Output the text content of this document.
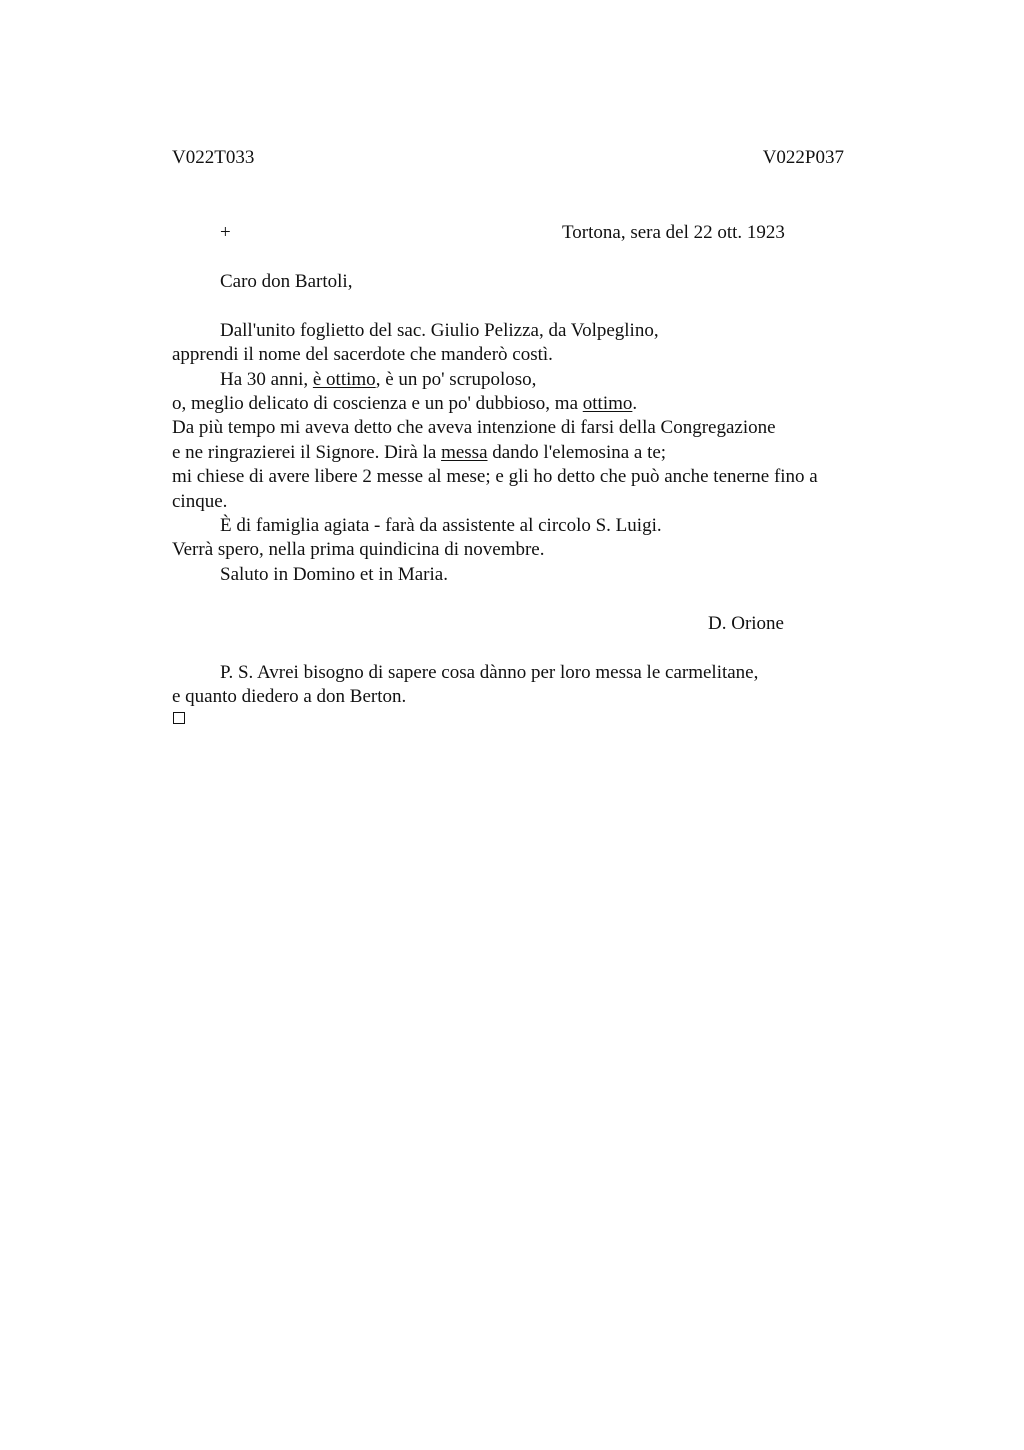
V022T033	V022P037
+	Tortona, sera del 22 ott. 1923
Caro don Bartoli,
Dall'unito foglietto del sac. Giulio Pelizza, da Volpeglino,
apprendi il nome del sacerdote che manderò costì.
Ha 30 anni, è ottimo, è un po' scrupoloso,
o, meglio delicato di coscienza e un po' dubbioso, ma ottimo.
Da più tempo mi aveva detto che aveva intenzione di farsi della Congregazione
e ne ringrazierei il Signore. Dirà la messa dando l'elemosina a te;
mi chiese di avere libere 2 messe al mese; e gli ho detto che può anche tenerne fino a
cinque.
È di famiglia agiata - farà da assistente al circolo S. Luigi.
Verrà spero, nella prima quindicina di novembre.
Saluto in Domino et in Maria.
D. Orione
P. S. Avrei bisogno di sapere cosa dànno per loro messa le carmelitane,
e quanto diedero a don Berton.
